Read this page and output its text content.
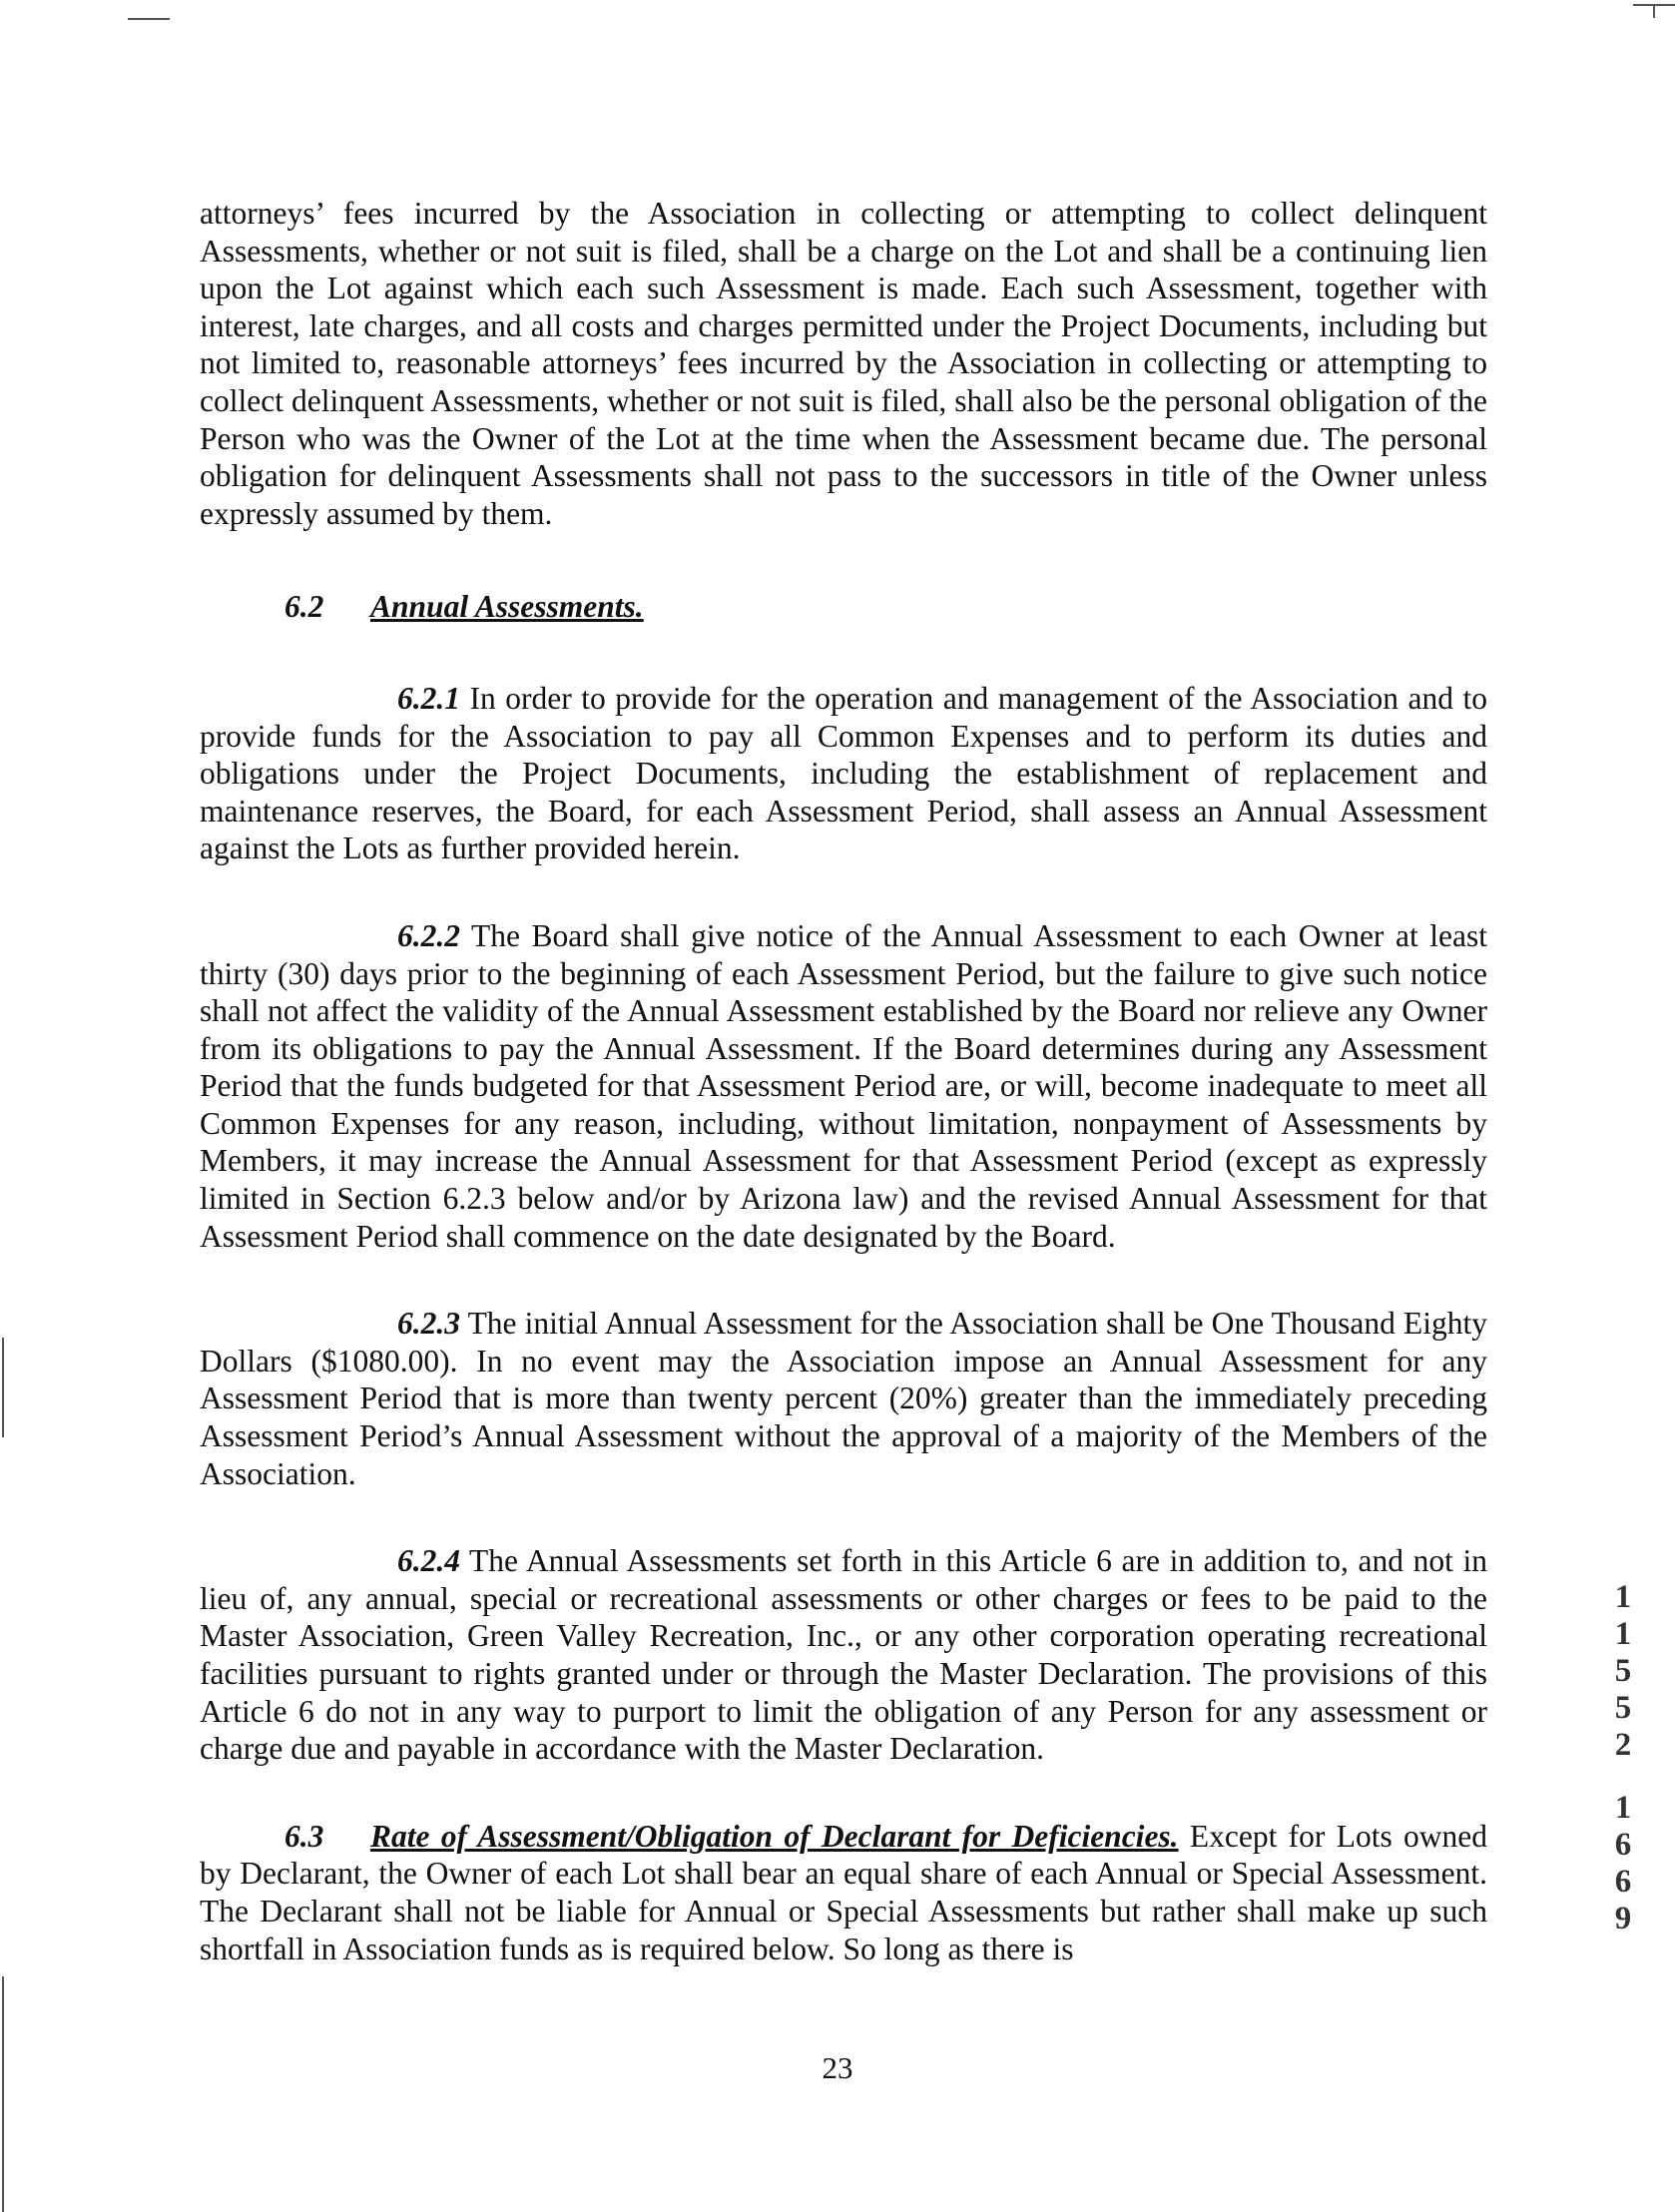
attorneys’ fees incurred by the Association in collecting or attempting to collect delinquent Assessments, whether or not suit is filed, shall be a charge on the Lot and shall be a continuing lien upon the Lot against which each such Assessment is made. Each such Assessment, together with interest, late charges, and all costs and charges permitted under the Project Documents, including but not limited to, reasonable attorneys’ fees incurred by the Association in collecting or attempting to collect delinquent Assessments, whether or not suit is filed, shall also be the personal obligation of the Person who was the Owner of the Lot at the time when the Assessment became due. The personal obligation for delinquent Assessments shall not pass to the successors in title of the Owner unless expressly assumed by them.

6.2 Annual Assessments.

6.2.1 In order to provide for the operation and management of the Association and to provide funds for the Association to pay all Common Expenses and to perform its duties and obligations under the Project Documents, including the establishment of replacement and maintenance reserves, the Board, for each Assessment Period, shall assess an Annual Assessment against the Lots as further provided herein.

6.2.2 The Board shall give notice of the Annual Assessment to each Owner at least thirty (30) days prior to the beginning of each Assessment Period, but the failure to give such notice shall not affect the validity of the Annual Assessment established by the Board nor relieve any Owner from its obligations to pay the Annual Assessment. If the Board determines during any Assessment Period that the funds budgeted for that Assessment Period are, or will, become inadequate to meet all Common Expenses for any reason, including, without limitation, nonpayment of Assessments by Members, it may increase the Annual Assessment for that Assessment Period (except as expressly limited in Section 6.2.3 below and/or by Arizona law) and the revised Annual Assessment for that Assessment Period shall commence on the date designated by the Board.

6.2.3 The initial Annual Assessment for the Association shall be One Thousand Eighty Dollars ($1080.00). In no event may the Association impose an Annual Assessment for any Assessment Period that is more than twenty percent (20%) greater than the immediately preceding Assessment Period’s Annual Assessment without the approval of a majority of the Members of the Association.

6.2.4 The Annual Assessments set forth in this Article 6 are in addition to, and not in lieu of, any annual, special or recreational assessments or other charges or fees to be paid to the Master Association, Green Valley Recreation, Inc., or any other corporation operating recreational facilities pursuant to rights granted under or through the Master Declaration. The provisions of this Article 6 do not in any way to purport to limit the obligation of any Person for any assessment or charge due and payable in accordance with the Master Declaration.

6.3 Rate of Assessment/Obligation of Declarant for Deficiencies. Except for Lots owned by Declarant, the Owner of each Lot shall bear an equal share of each Annual or Special Assessment. The Declarant shall not be liable for Annual or Special Assessments but rather shall make up such shortfall in Association funds as is required below. So long as there is

23
1
1
5
5
2
1
6
6
9
